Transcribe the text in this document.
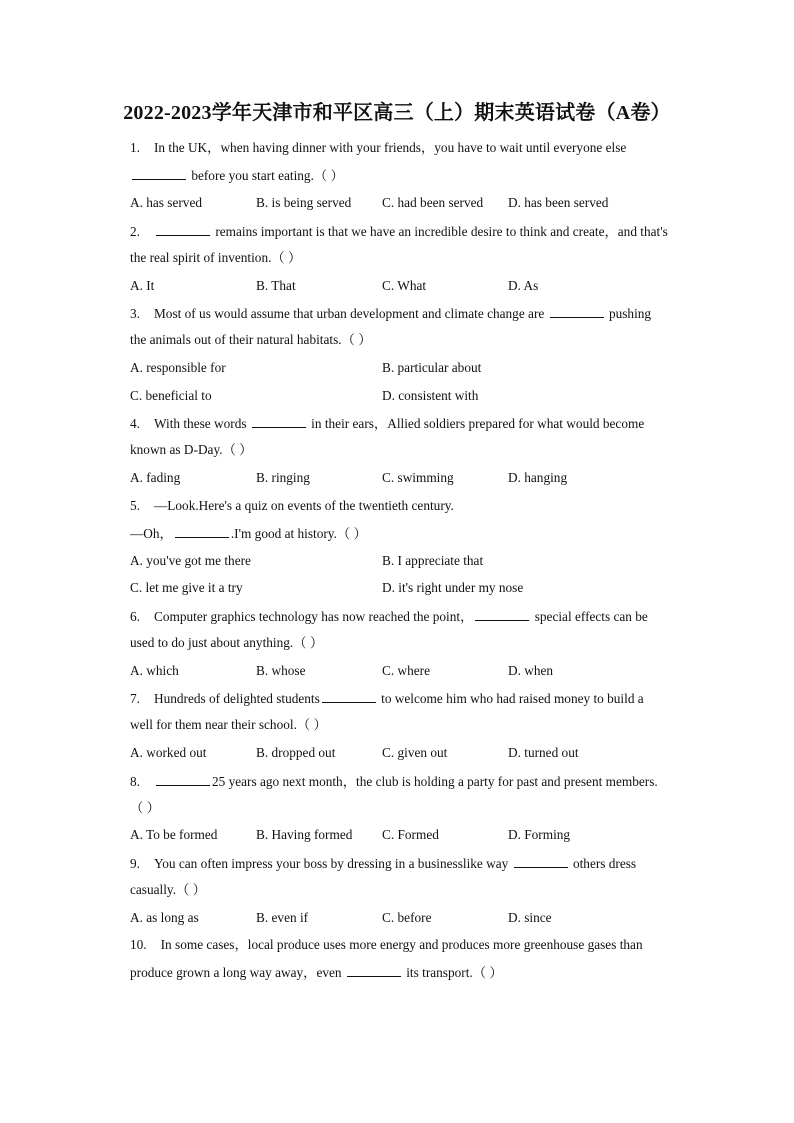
2022-2023学年天津市和平区高三（上）期末英语试卷（A卷）
1. In the UK，when having dinner with your friends，you have to wait until everyone else
before you start eating.（ ）
A. has served	B. is being served C. had been served D. has been served
2.	remains important is that we have an incredible desire to think and create，and that's
the real spirit of invention.（ ）
A. It	B. That	C. What	D. As
3. Most of us would assume that urban development and climate change are	pushing
the animals out of their natural habitats.（ ）
A. responsible for	B. particular about
C. beneficial to	D. consistent with
4. With these words	in their ears，Allied soldiers prepared for what would become
known as D-Day.（ ）
A. fading	B. ringing	C. swimming	D. hanging
5. —Look.Here's a quiz on events of the twentieth century.
—Oh，	.I'm good at history.（ ）
A. you've got me there	B. I appreciate that
C. let me give it a try	D. it's right under my nose
6. Computer graphics technology has now reached the point，	special effects can be
used to do just about anything.（ ）
A. which	B. whose	C. where	D. when
7. Hundreds of delighted students	to welcome him who had raised money to build a
well for them near their school.（ ）
A. worked out	B. dropped out	C. given out	D. turned out
8.	25 years ago next month，the club is holding a party for past and present members.
（ ）
A. To be formed	B. Having formed C. Formed	D. Forming
9. You can often impress your boss by dressing in a businesslike way	others dress
casually.（ ）
A. as long as	B. even if	C. before	D. since
10. In some cases，local produce uses more energy and produces more greenhouse gases than
produce grown a long way away，even	its transport.（ ）
